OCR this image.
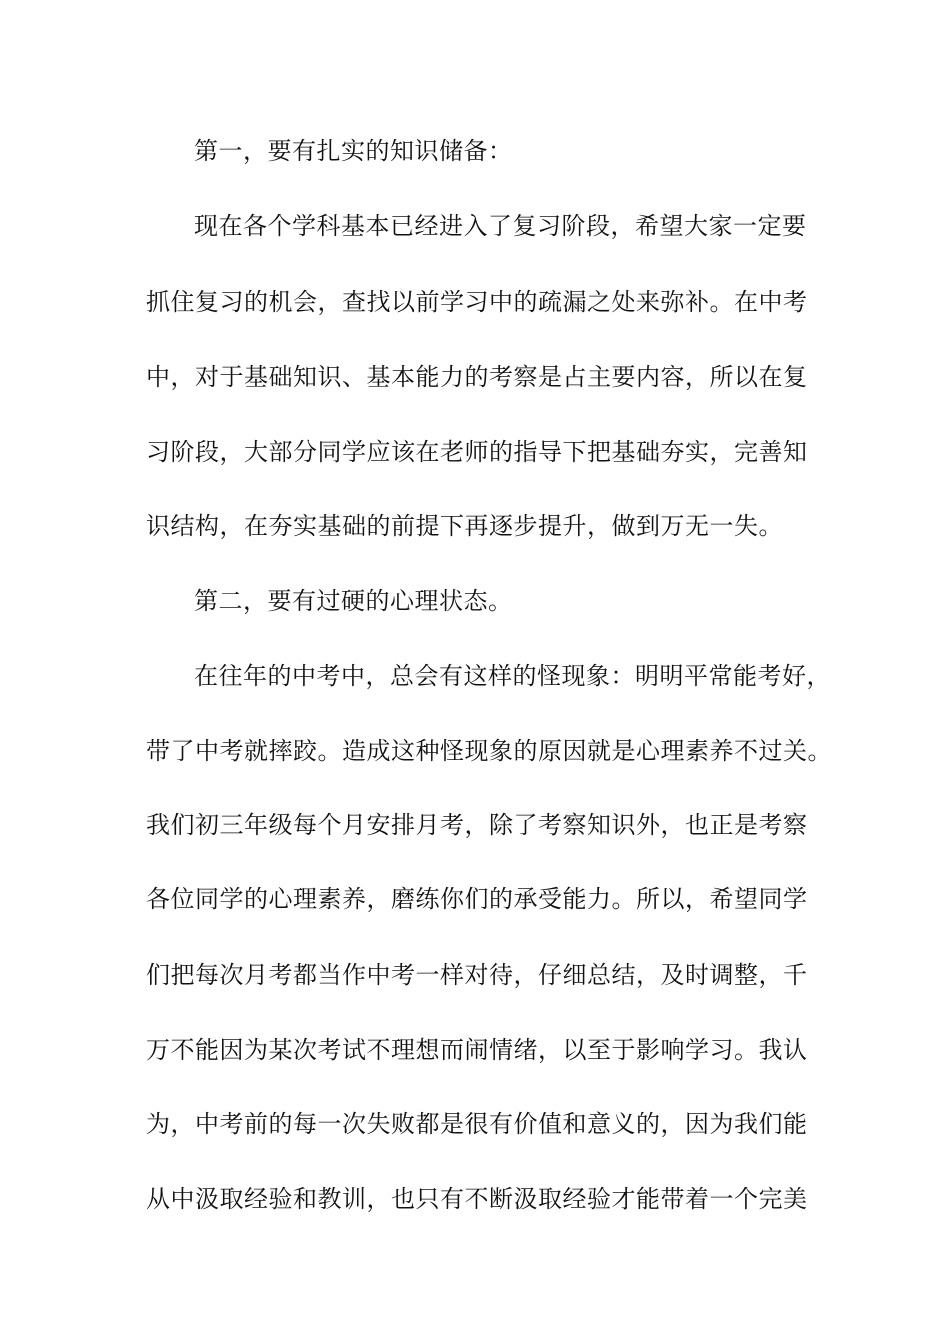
第一，要有扎实的知识储备：
现在各个学科基本已经进入了复习阶段，希望大家一定要
抓住复习的机会，查找以前学习中的疏漏之处来弥补。在中考
中，对于基础知识、基本能力的考察是占主要内容，所以在复
习阶段，大部分同学应该在老师的指导下把基础夯实，完善知
识结构，在夯实基础的前提下再逐步提升，做到万无一失。
第二，要有过硬的心理状态。
在往年的中考中，总会有这样的怪现象：明明平常能考好，
带了中考就摔跤。造成这种怪现象的原因就是心理素养不过关。
我们初三年级每个月安排月考，除了考察知识外，也正是考察
各位同学的心理素养，磨练你们的承受能力。所以，希望同学
们把每次月考都当作中考一样对待，仔细总结，及时调整，千
万不能因为某次考试不理想而闹情绪，以至于影响学习。我认
为，中考前的每一次失败都是很有价值和意义的，因为我们能
从中汲取经验和教训，也只有不断汲取经验才能带着一个完美
